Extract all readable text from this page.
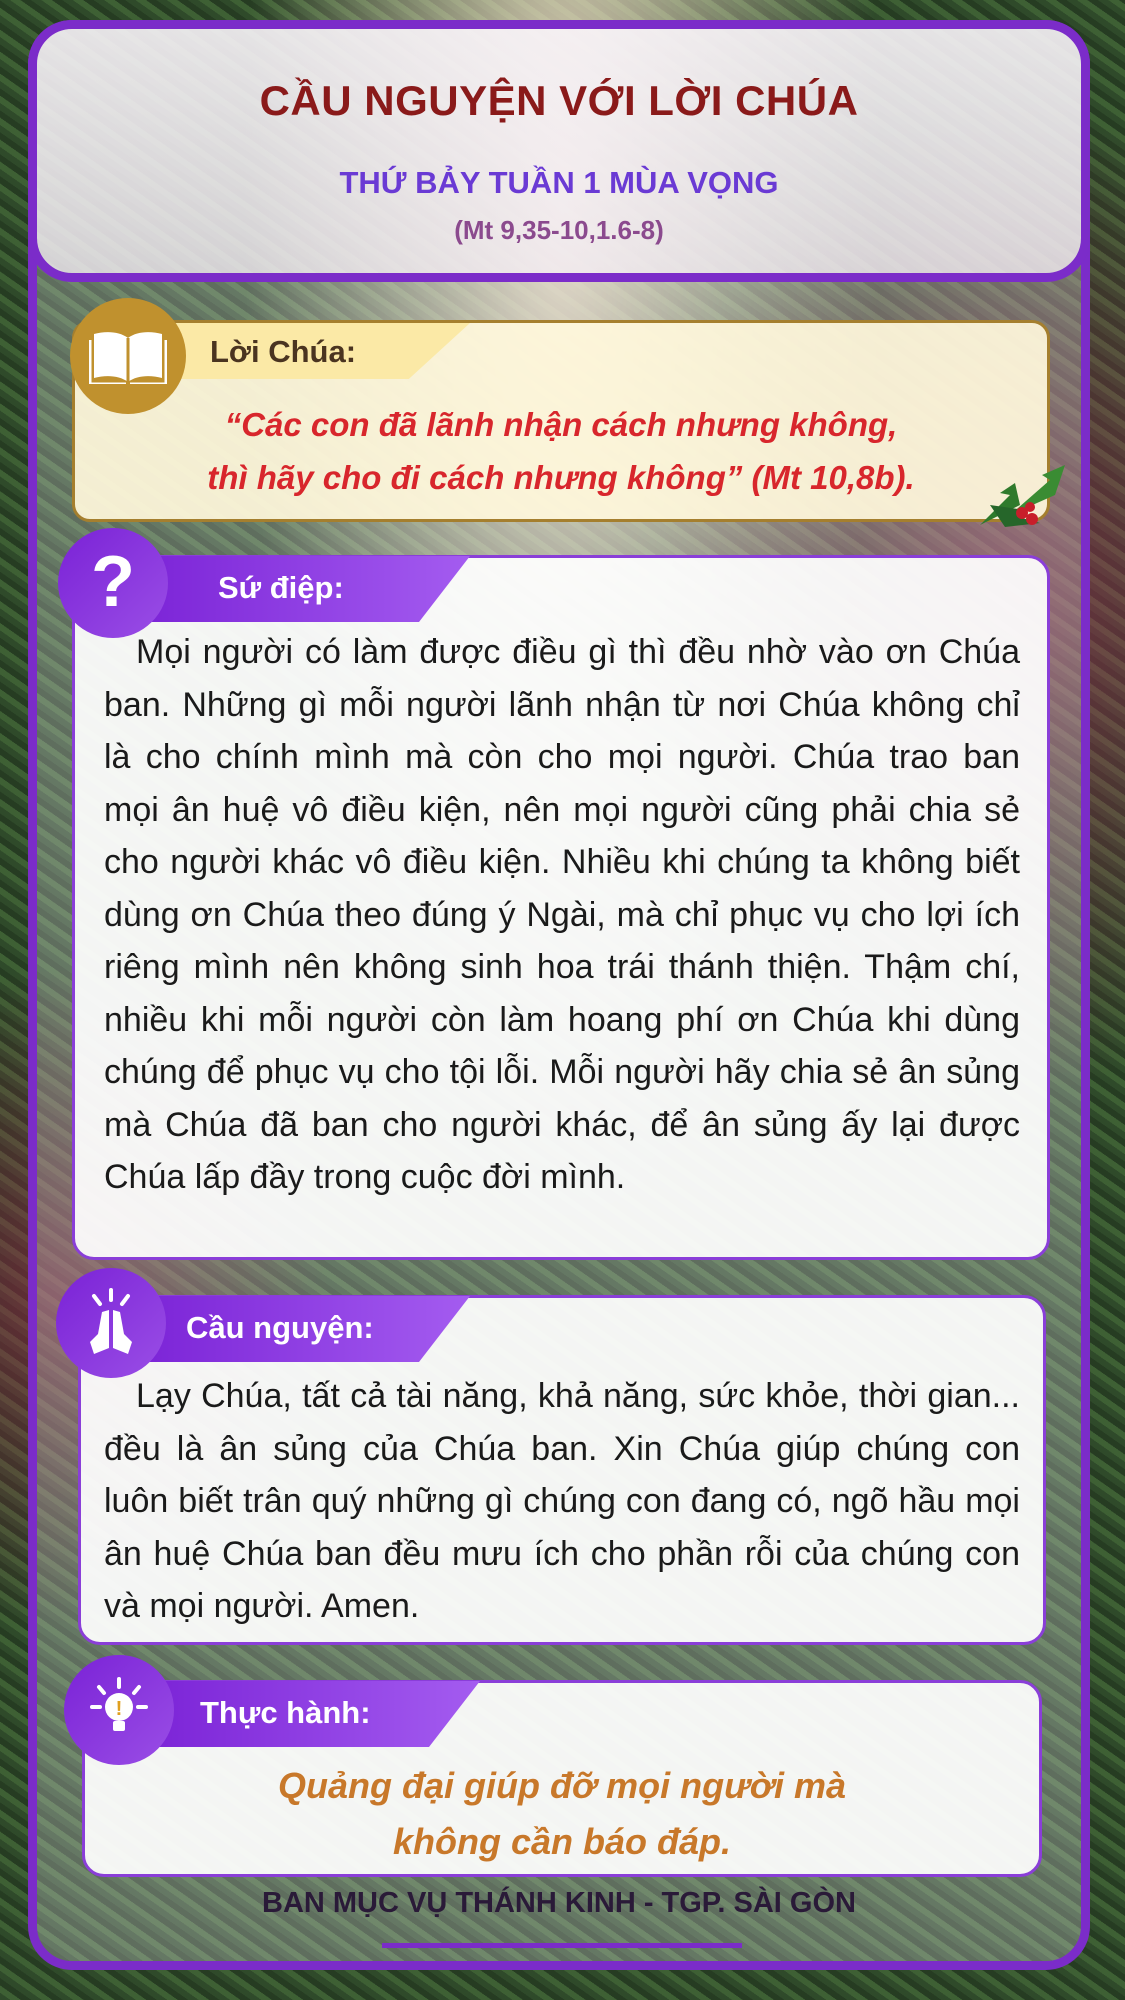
CẦU NGUYỆN VỚI LỜI CHÚA
THỨ BẢY TUẦN 1 MÙA VỌNG
(Mt 9,35-10,1.6-8)
Lời Chúa:
“Các con đã lãnh nhận cách nhưng không,
thì hãy cho đi cách nhưng không” (Mt 10,8b).
Sứ điệp:
?
Mọi người có làm được điều gì thì đều nhờ vào ơn Chúa ban. Những gì mỗi người lãnh nhận từ nơi Chúa không chỉ là cho chính mình mà còn cho mọi người. Chúa trao ban mọi ân huệ vô điều kiện, nên mọi người cũng phải chia sẻ cho người khác vô điều kiện. Nhiều khi chúng ta không biết dùng ơn Chúa theo đúng ý Ngài, mà chỉ phục vụ cho lợi ích riêng mình nên không sinh hoa trái thánh thiện. Thậm chí, nhiều khi mỗi người còn làm hoang phí ơn Chúa khi dùng chúng để phục vụ cho tội lỗi. Mỗi người hãy chia sẻ ân sủng mà Chúa đã ban cho người khác, để ân sủng ấy lại được Chúa lấp đầy trong cuộc đời mình.
Cầu nguyện:
Lạy Chúa, tất cả tài năng, khả năng, sức khỏe, thời gian... đều là ân sủng của Chúa ban. Xin Chúa giúp chúng con luôn biết trân quý những gì chúng con đang có, ngõ hầu mọi ân huệ Chúa ban đều mưu ích cho phần rỗi của chúng con và mọi người. Amen.
Thực hành:
!
Quảng đại giúp đỡ mọi người mà
không cần báo đáp.
BAN MỤC VỤ THÁNH KINH - TGP. SÀI GÒN
